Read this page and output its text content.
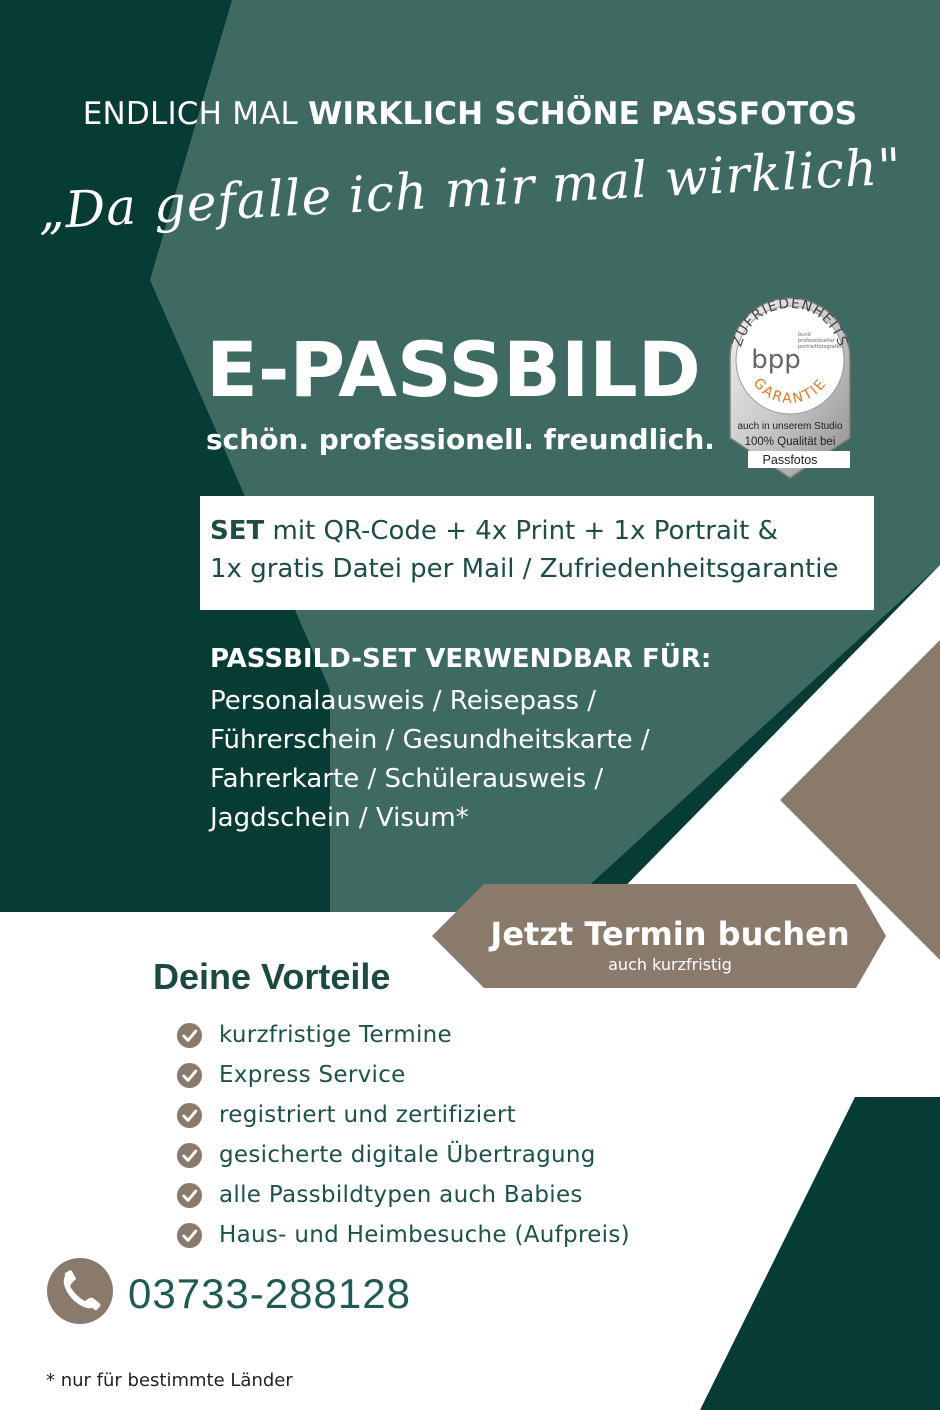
ENDLICH MAL WIRKLICH SCHÖNE PASSFOTOS
„Da gefalle ich mir mal wirklich"
E-PASSBILD
schön. professionell. freundlich.
ZUFRIEDENHEITS
GARANTIE
bpp
bund
professioneller
portraitfotografen
auch in unserem Studio
100% Qualität bei
Passfotos
SET mit QR-Code + 4x Print + 1x Portrait &
1x gratis Datei per Mail / Zufriedenheitsgarantie
PASSBILD-SET VERWENDBAR FÜR:
Personalausweis / Reisepass /
Führerschein / Gesundheitskarte /
Fahrerkarte / Schülerausweis /
Jagdschein / Visum*
Jetzt Termin buchen
auch kurzfristig
Deine Vorteile
kurzfristige Termine
Express Service
registriert und zertifiziert
gesicherte digitale Übertragung
alle Passbildtypen auch Babies
Haus- und Heimbesuche (Aufpreis)
03733-288128
* nur für bestimmte Länder
